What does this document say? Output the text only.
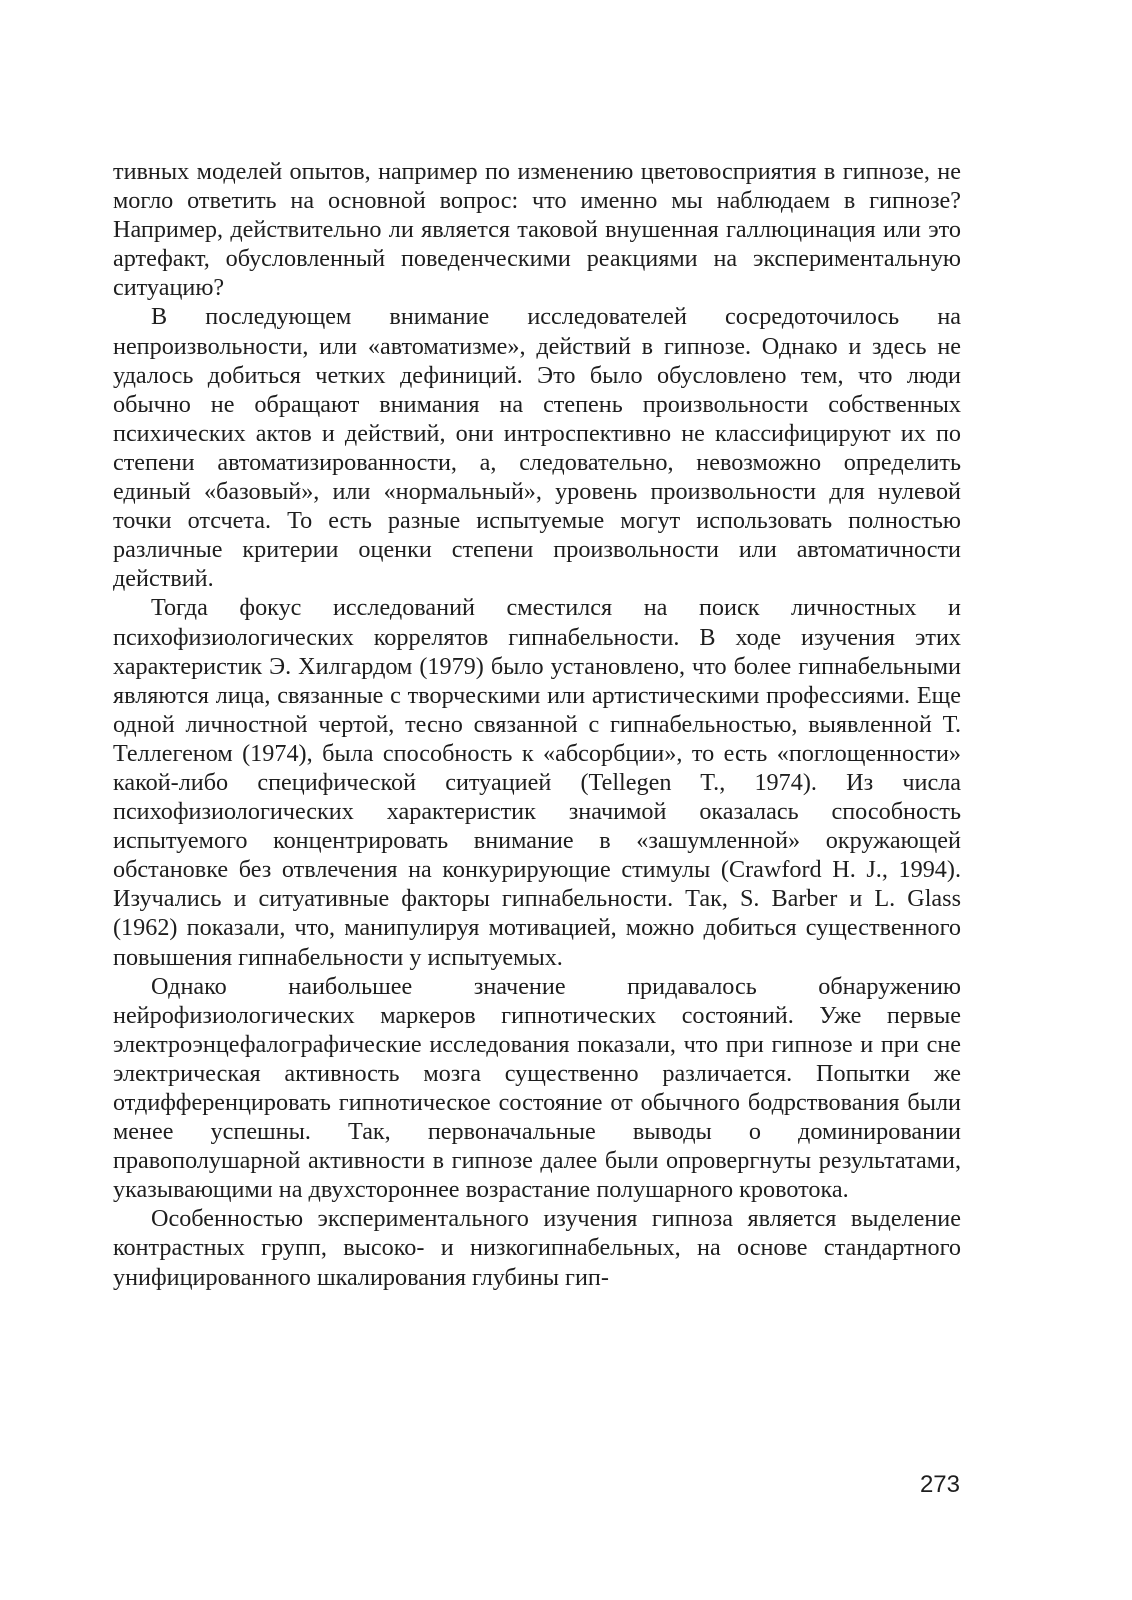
тивных моделей опытов, например по изменению цветовосприятия в гипнозе, не могло ответить на основной вопрос: что именно мы наблюдаем в гипнозе? Например, действительно ли является таковой внушенная галлюцинация или это артефакт, обусловленный поведенческими реакциями на экспериментальную ситуацию?

В последующем внимание исследователей сосредоточилось на непроизвольности, или «автоматизме», действий в гипнозе. Однако и здесь не удалось добиться четких дефиниций. Это было обусловлено тем, что люди обычно не обращают внимания на степень произвольности собственных психических актов и действий, они интроспективно не классифицируют их по степени автоматизированности, а, следовательно, невозможно определить единый «базовый», или «нормальный», уровень произвольности для нулевой точки отсчета. То есть разные испытуемые могут использовать полностью различные критерии оценки степени произвольности или автоматичности действий.

Тогда фокус исследований сместился на поиск личностных и психофизиологических коррелятов гипнабельности. В ходе изучения этих характеристик Э. Хилгардом (1979) было установлено, что более гипнабельными являются лица, связанные с творческими или артистическими профессиями. Еще одной личностной чертой, тесно связанной с гипнабельностью, выявленной Т. Теллегеном (1974), была способность к «абсорбции», то есть «поглощенности» какой-либо специфической ситуацией (Tellegen T., 1974). Из числа психофизиологических характеристик значимой оказалась способность испытуемого концентрировать внимание в «зашумленной» окружающей обстановке без отвлечения на конкурирующие стимулы (Crawford H. J., 1994). Изучались и ситуативные факторы гипнабельности. Так, S. Barber и L. Glass (1962) показали, что, манипулируя мотивацией, можно добиться существенного повышения гипнабельности у испытуемых.

Однако наибольшее значение придавалось обнаружению нейрофизиологических маркеров гипнотических состояний. Уже первые электроэнцефалографические исследования показали, что при гипнозе и при сне электрическая активность мозга существенно различается. Попытки же отдифференцировать гипнотическое состояние от обычного бодрствования были менее успешны. Так, первоначальные выводы о доминировании правополушарной активности в гипнозе далее были опровергнуты результатами, указывающими на двухстороннее возрастание полушарного кровотока.

Особенностью экспериментального изучения гипноза является выделение контрастных групп, высоко- и низкогипнабельных, на основе стандартного унифицированного шкалирования глубины гип-

273
